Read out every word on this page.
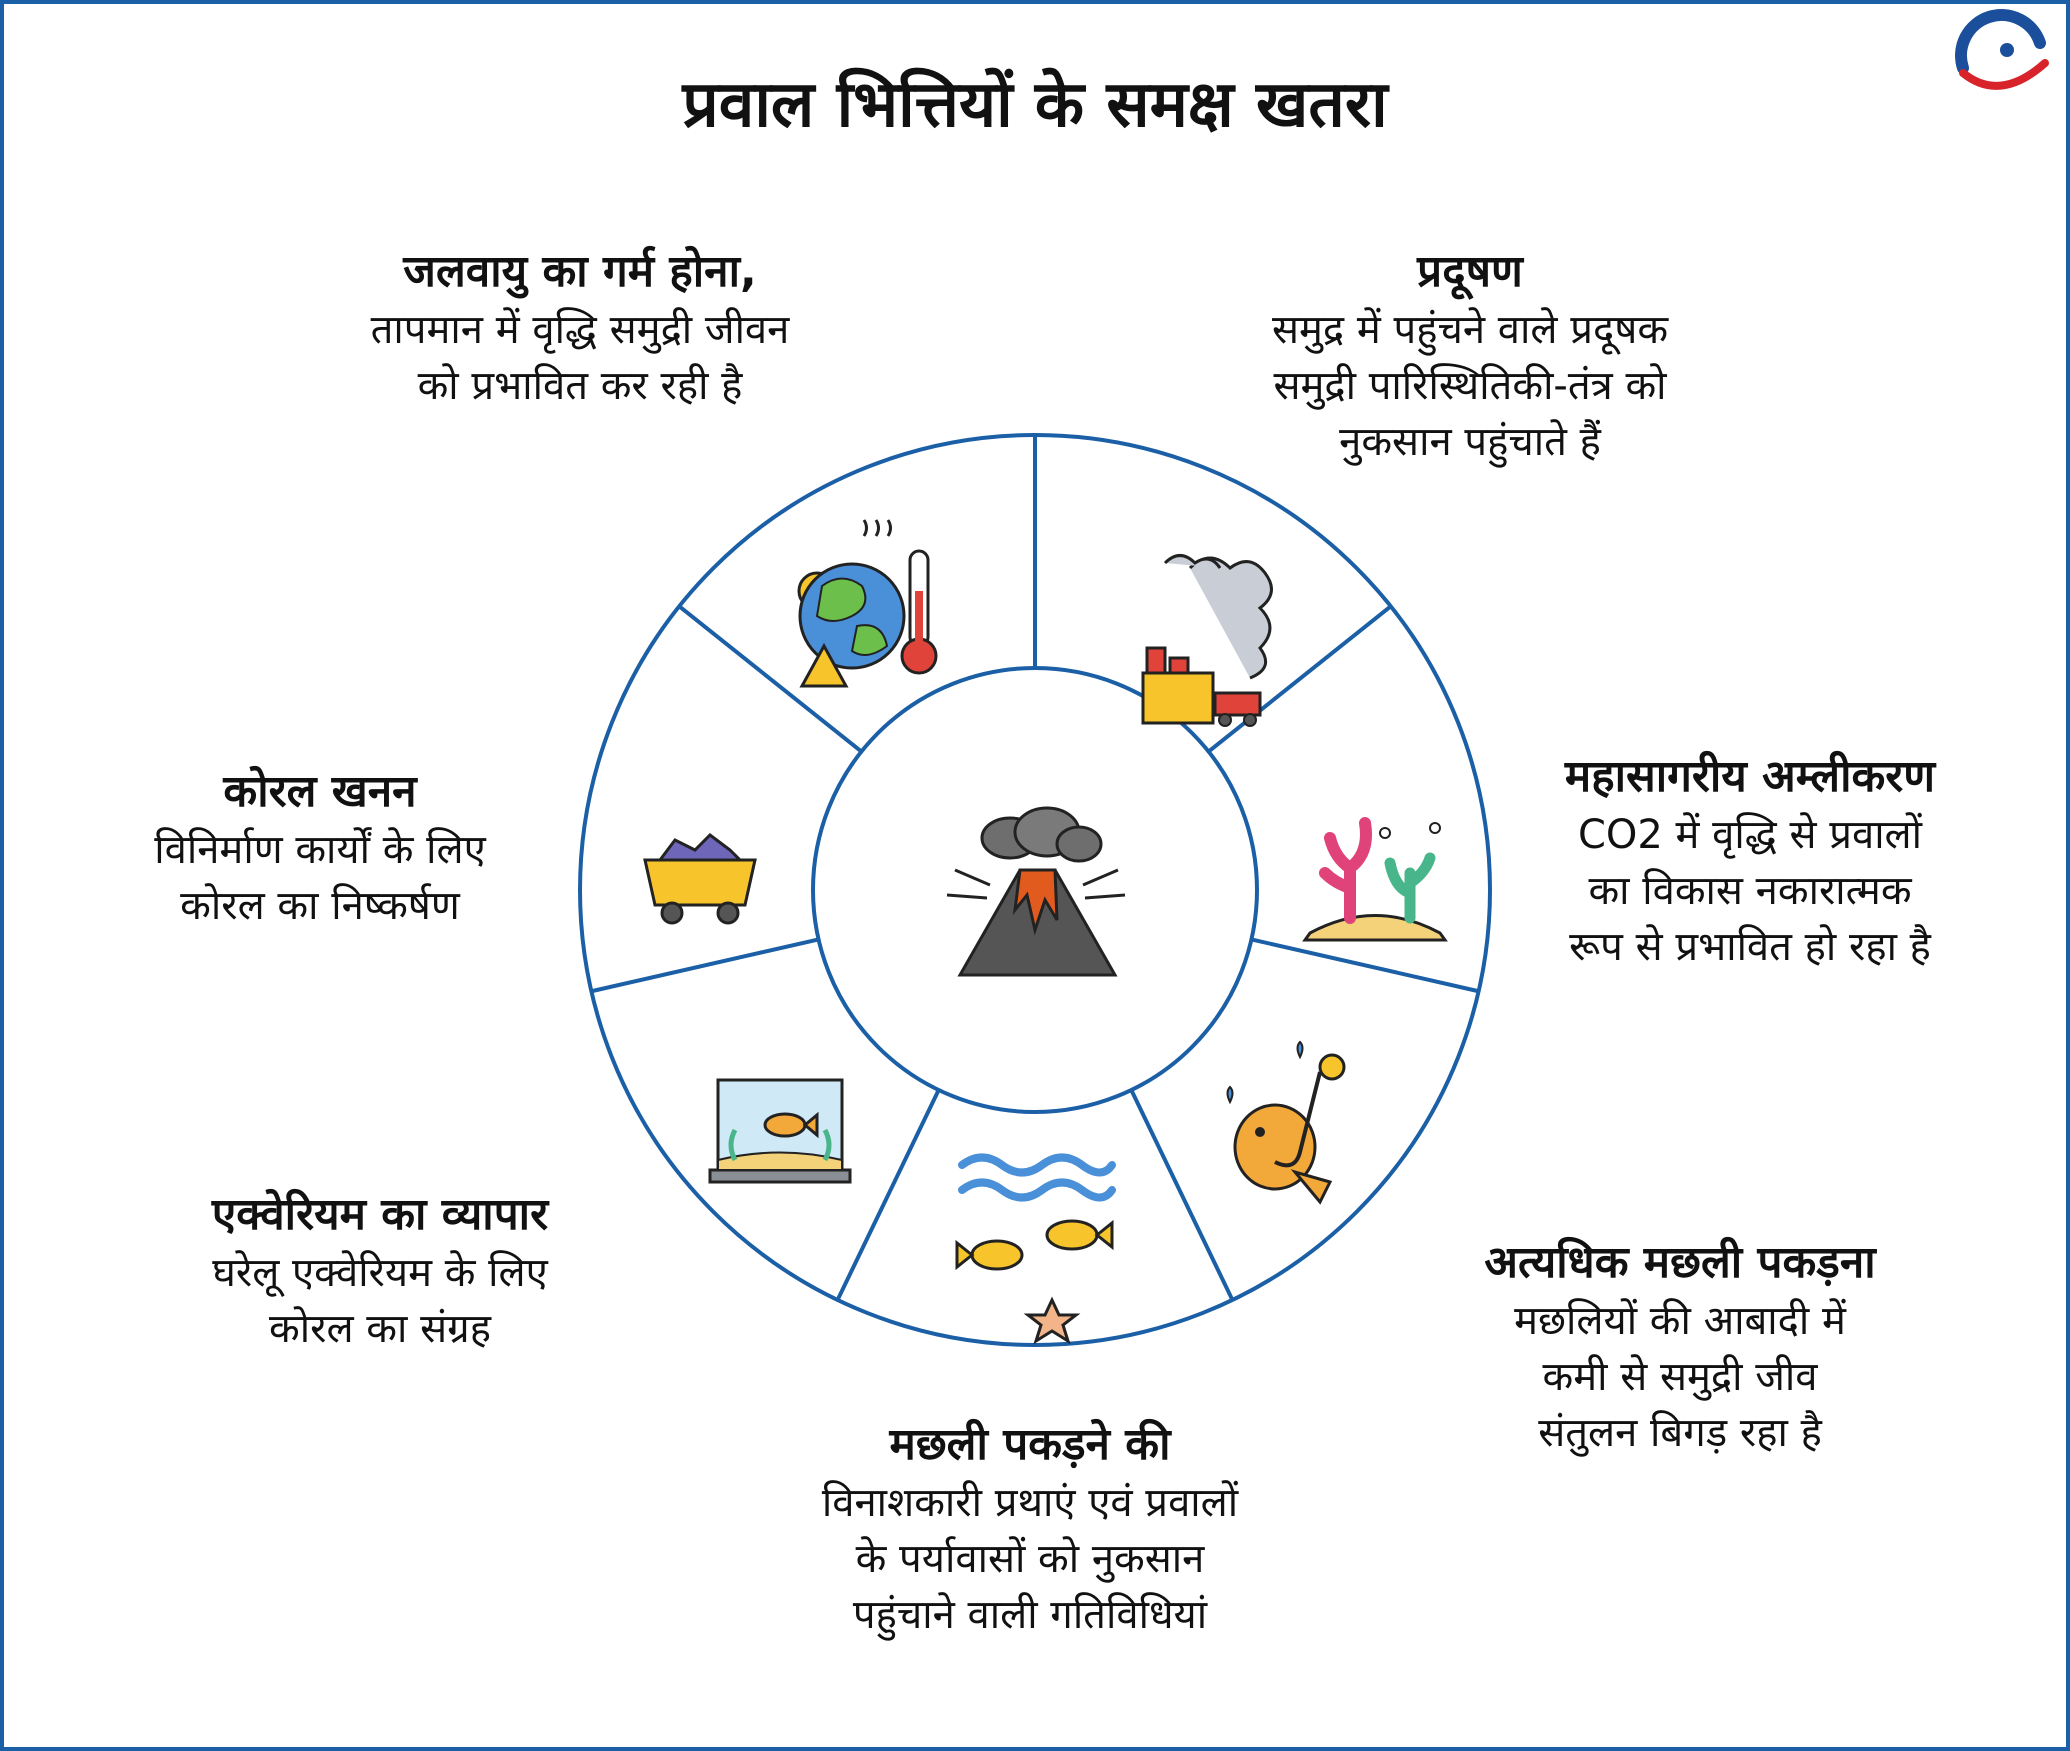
प्रवाल भित्तियों के समक्ष खतरा
जलवायु का गर्म होना,
तापमान में वृद्धि समुद्री जीवन
को प्रभावित कर रही है
प्रदूषण
समुद्र में पहुंचने वाले प्रदूषक
समुद्री पारिस्थितिकी-तंत्र को
नुकसान पहुंचाते हैं
महासागरीय अम्लीकरण
CO2 में वृद्धि से प्रवालों
का विकास नकारात्मक
रूप से प्रभावित हो रहा है
अत्यधिक मछली पकड़ना
मछलियों की आबादी में
कमी से समुद्री जीव
संतुलन बिगड़ रहा है
मछली पकड़ने की
विनाशकारी प्रथाएं एवं प्रवालों
के पर्यावासों को नुकसान
पहुंचाने वाली गतिविधियां
एक्वेरियम का व्यापार
घरेलू एक्वेरियम के लिए
कोरल का संग्रह
कोरल खनन
विनिर्माण कार्यों के लिए
कोरल का निष्कर्षण
